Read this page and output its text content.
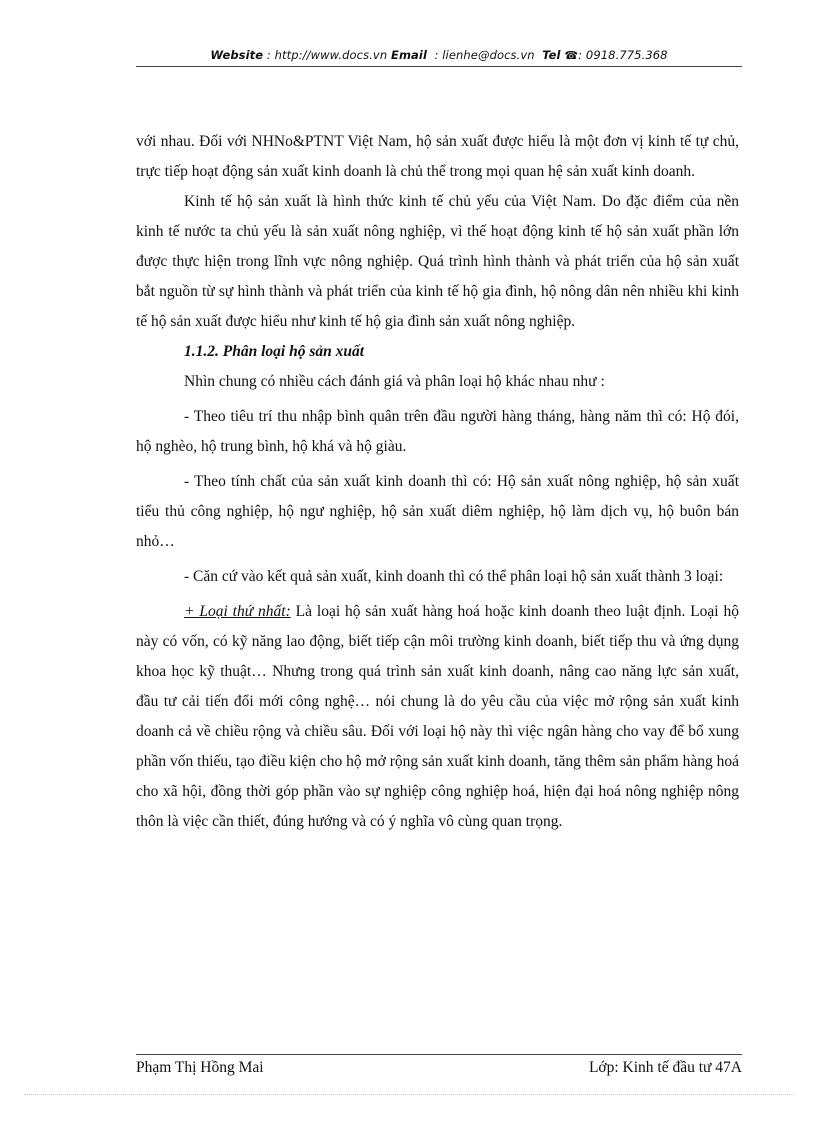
Website : http://www.docs.vn Email  : lienhe@docs.vn Tel ☎: 0918.775.368

với nhau. Đối với NHNo&PTNT Việt Nam, hộ sản xuất được hiểu là một đơn vị kinh tế tự chủ, trực tiếp hoạt động sản xuất kinh doanh là chủ thể trong mọi quan hệ sản xuất kinh doanh.

Kinh tế hộ sản xuất là hình thức kinh tế chủ yếu của Việt Nam. Do đặc điểm của nền kinh tế nước ta chủ yếu là sản xuất nông nghiệp, vì thế hoạt động kinh tế hộ sản xuất phần lớn được thực hiện trong lĩnh vực nông nghiệp. Quá trình hình thành và phát triển của hộ sản xuất bắt nguồn từ sự hình thành và phát triển của kinh tế hộ gia đình, hộ nông dân nên nhiều khi kinh tế hộ sản xuất được hiểu như kinh tế hộ gia đình sản xuất nông nghiệp.

1.1.2. Phân loại hộ sản xuất

Nhìn chung có nhiều cách đánh giá và phân loại hộ khác nhau như :

- Theo tiêu trí thu nhập bình quân trên đầu người hàng tháng, hàng năm thì có: Hộ đói, hộ nghèo, hộ trung bình, hộ khá và hộ giàu.

- Theo tính chất của sản xuất kinh doanh thì có: Hộ sản xuất nông nghiệp, hộ sản xuất tiểu thủ công nghiệp, hộ ngư nghiệp, hộ sản xuất diêm nghiệp, hộ làm dịch vụ, hộ buôn bán nhỏ…

- Căn cứ vào kết quả sản xuất, kinh doanh thì có thể phân loại hộ sản xuất thành 3 loại:

+ Loại thứ nhất: Là loại hộ sản xuất hàng hoá hoặc kinh doanh theo luật định. Loại hộ này có vốn, có kỹ năng lao động, biết tiếp cận môi trường kinh doanh, biết tiếp thu và ứng dụng khoa học kỹ thuật… Nhưng trong quá trình sản xuất kinh doanh, nâng cao năng lực sản xuất, đầu tư cải tiến đổi mới công nghệ… nói chung là do yêu cầu của việc mở rộng sản xuất kinh doanh cả về chiều rộng và chiều sâu. Đối với loại hộ này thì việc ngân hàng cho vay để bổ xung phần vốn thiếu, tạo điều kiện cho hộ mở rộng sản xuất kinh doanh, tăng thêm sản phẩm hàng hoá cho xã hội, đồng thời góp phần vào sự nghiệp công nghiệp hoá, hiện đại hoá nông nghiệp nông thôn là việc cần thiết, đúng hướng và có ý nghĩa vô cùng quan trọng.

Phạm Thị Hồng Mai	Lớp: Kinh tế đầu tư 47A
